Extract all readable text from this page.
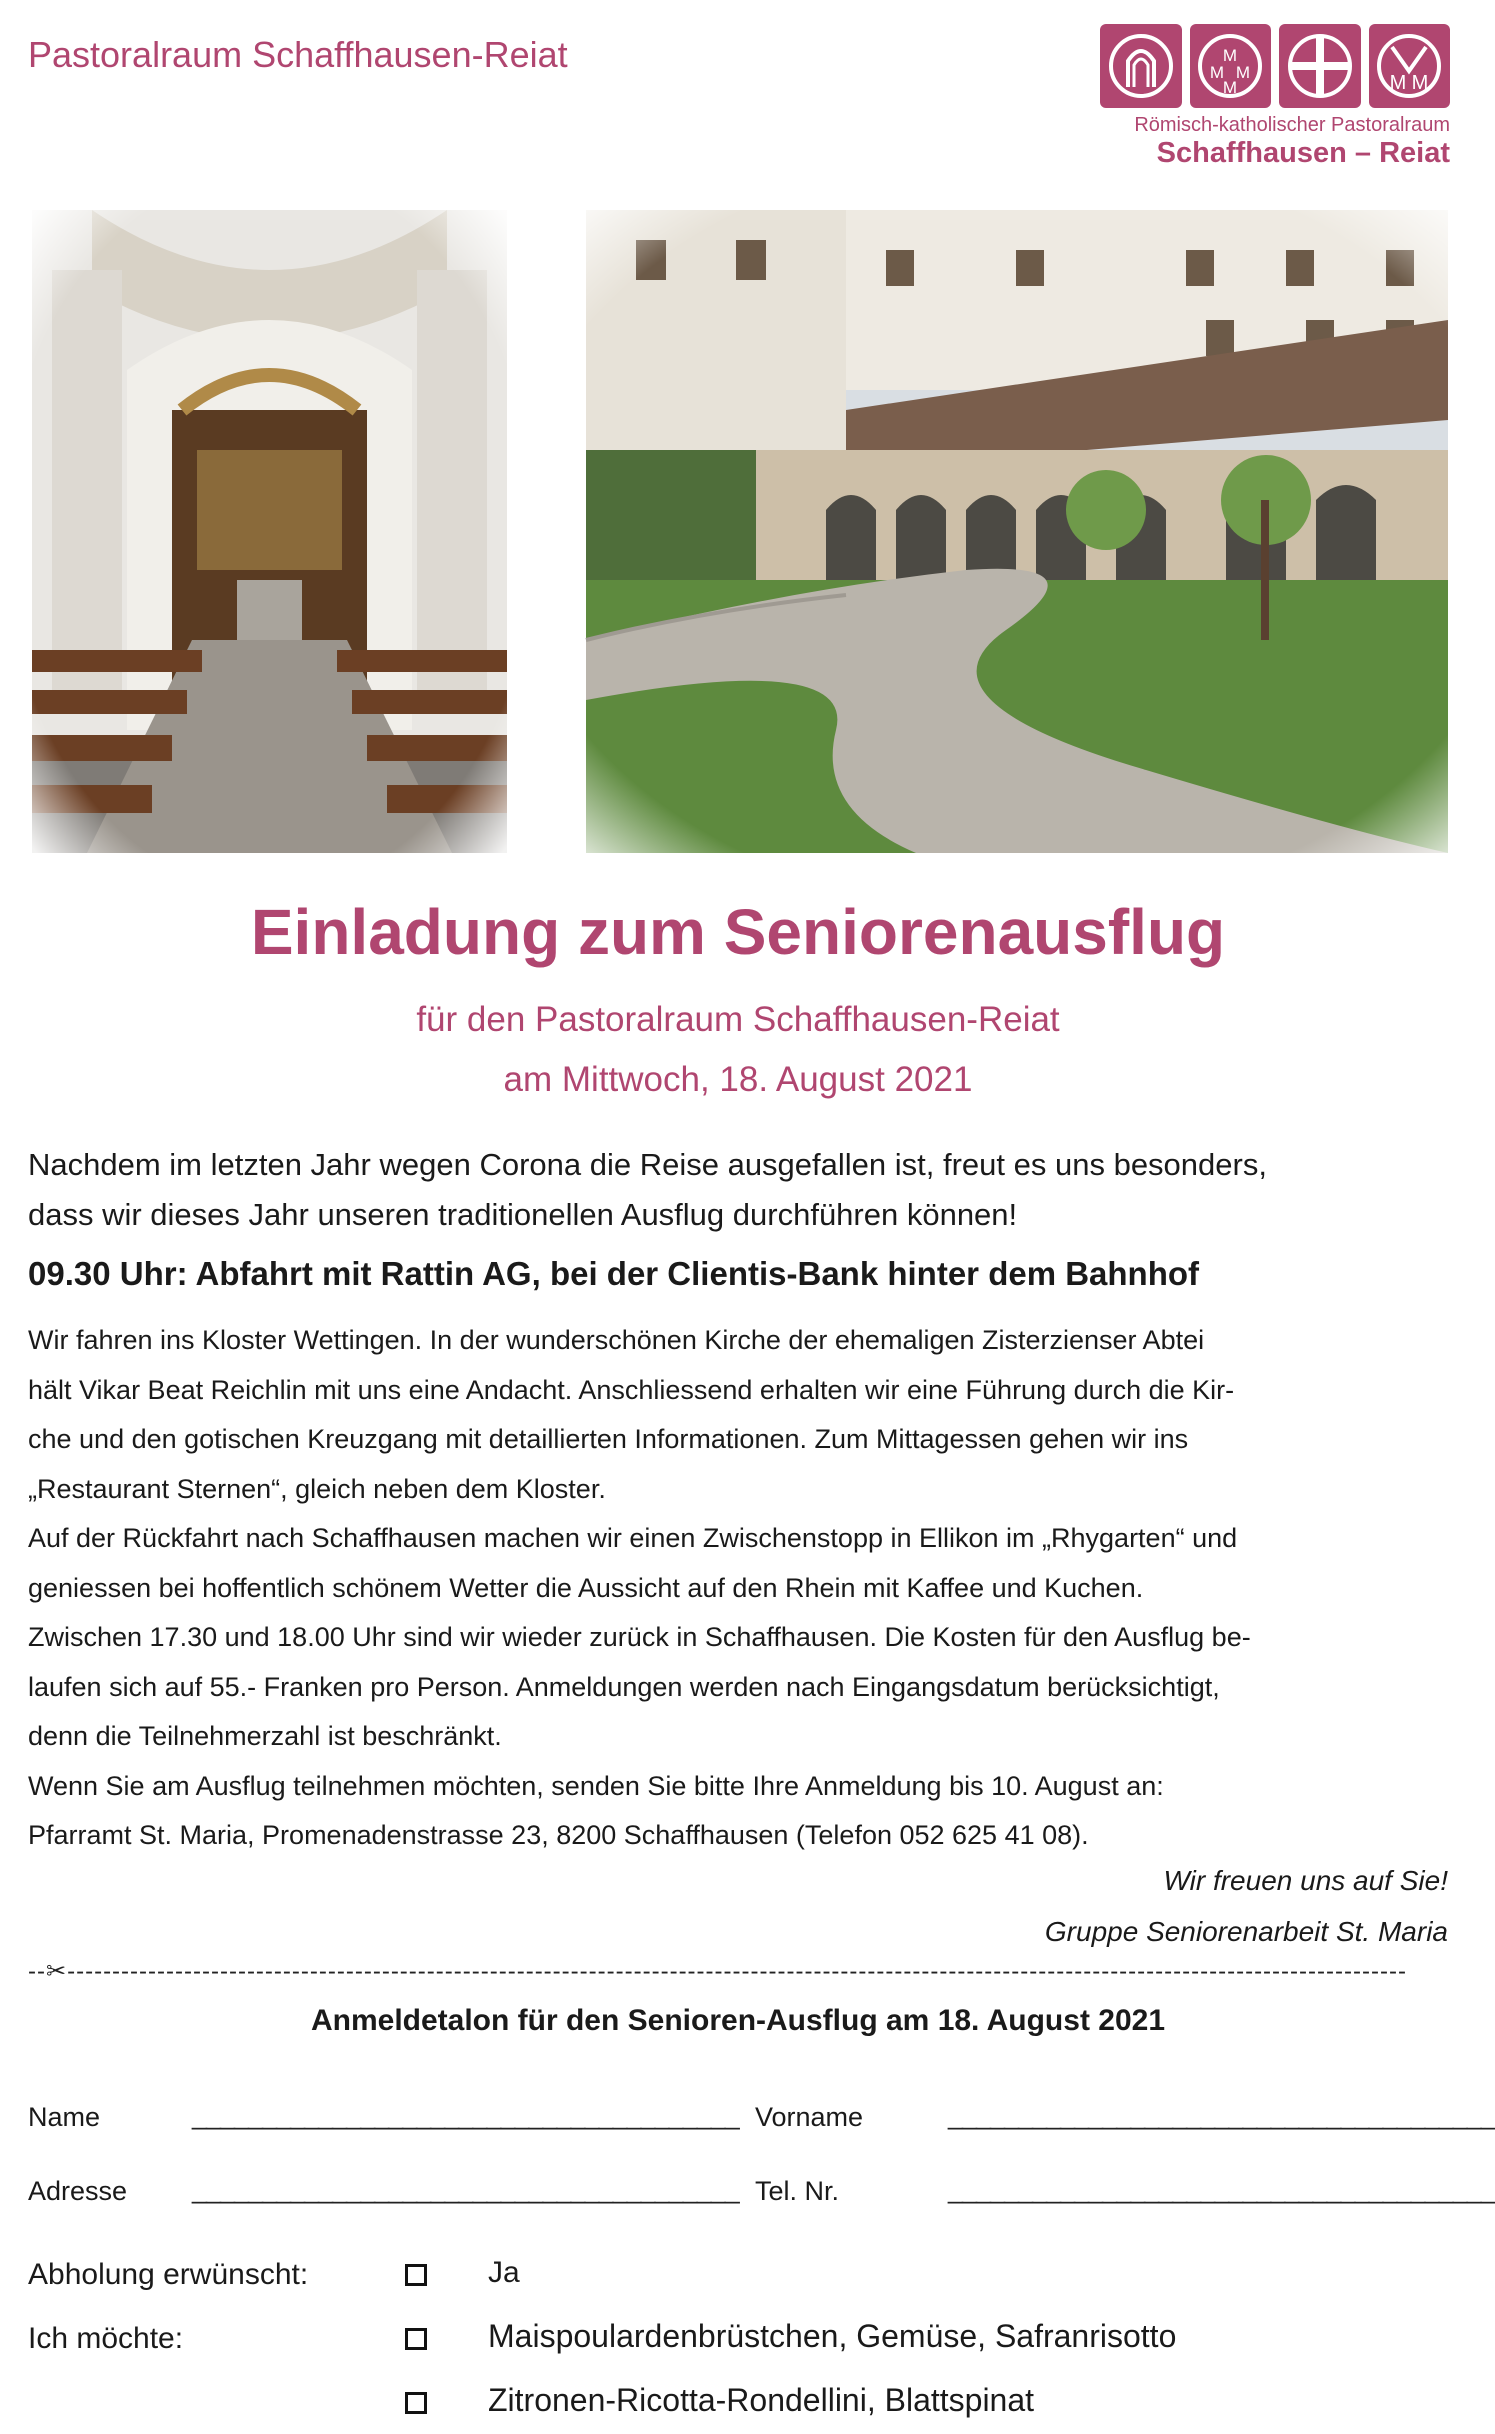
Pastoralraum Schaffhausen-Reiat	M
M M
M	M M
Römisch-katholischer Pastoralraum
Schaffhausen – Reiat
Einladung zum Seniorenausflug
für den Pastoralraum Schaffhausen-Reiat
am Mittwoch, 18. August 2021
Nachdem im letzten Jahr wegen Corona die Reise ausgefallen ist, freut es uns besonders,
dass wir dieses Jahr unseren traditionellen Ausflug durchführen können!
09.30 Uhr: Abfahrt mit Rattin AG, bei der Clientis-Bank hinter dem Bahnhof

Wir fahren ins Kloster Wettingen. In der wunderschönen Kirche der ehemaligen Zisterzienser Abtei

hält Vikar Beat Reichlin mit uns eine Andacht. Anschliessend erhalten wir eine Führung durch die Kir-

che und den gotischen Kreuzgang mit detaillierten Informationen. Zum Mittagessen gehen wir ins

„Restaurant Sternen“, gleich neben dem Kloster.

Auf der Rückfahrt nach Schaffhausen machen wir einen Zwischenstopp in Ellikon im „Rhygarten“ und

geniessen bei hoffentlich schönem Wetter die Aussicht auf den Rhein mit Kaffee und Kuchen.

Zwischen 17.30 und 18.00 Uhr sind wir wieder zurück in Schaffhausen. Die Kosten für den Ausflug be-

laufen sich auf 55.- Franken pro Person. Anmeldungen werden nach Eingangsdatum berücksichtigt,

denn die Teilnehmerzahl ist beschränkt.

Wenn Sie am Ausflug teilnehmen möchten, senden Sie bitte Ihre Anmeldung bis 10. August an:

Pfarramt St. Maria, Promenadenstrasse 23, 8200 Schaffhausen (Telefon 052 625 41 08).

Wir freuen uns auf Sie!
Gruppe Seniorenarbeit St. Maria
--✂-----------------------------------------------------------------------------------------------------------------------------------------------------
Anmeldetalon für den Senioren-Ausflug am 18. August 2021
Name	_______________________________________ Vorname	_______________________________________
Adresse _______________________________________ Tel. Nr.	_______________________________________
Abholung erwünscht:	Ja
Ich möchte:	Maispoulardenbrüstchen, Gemüse, Safranrisotto
Zitronen-Ricotta-Rondellini, Blattspinat
